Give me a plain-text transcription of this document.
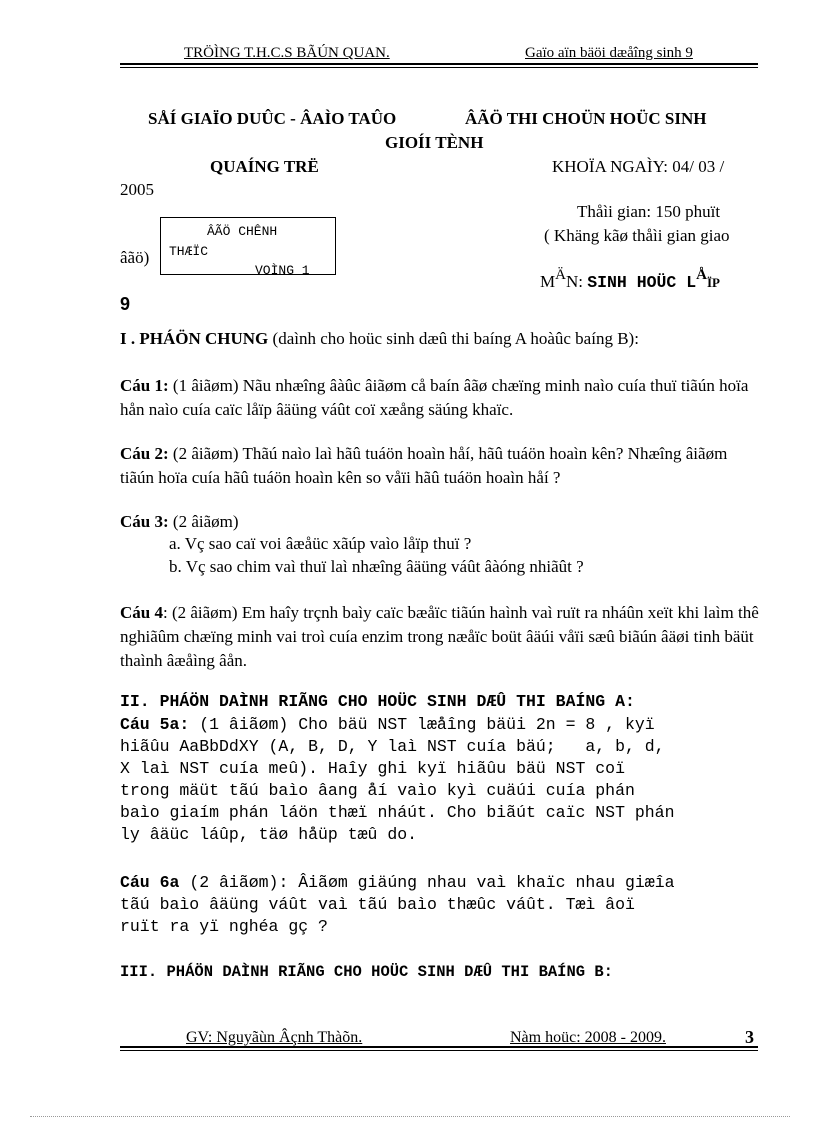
TRÖÌNG T.H.C.S BÃÚN QUAN.	Gaïo aïn bäöi dæåîng sinh 9
SÅÍ GIAÏO DUÛC - ÂAÌO TAÛO	ÂÃÖ THI CHOÜN HOÜC SINH
GIOÍI TÈNH
QUAÍNG TRË	KHOÏA NGAÌY: 04/ 03 /
2005
Thåìi gian: 150 phuït
( Khäng kãø thåìi gian giao
âãö)
ÂÃÖ CHÊNH
THÆÏC
VOÌNG 1
MÄN: SINH HOÜC LÅÏP
9
I . PHÁÖN CHUNG (daình cho hoüc sinh dæû thi baíng A hoàûc baíng B):
Cáu 1: (1 âiãøm) Nãu nhæîng âàûc âiãøm cå baín âãø chæïng minh naìo cuía thuï tiãún hoïa hån naìo cuía caïc låïp âäüng váût coï xæång säúng khaïc.
Cáu 2: (2 âiãøm) Thãú naìo laì hãû tuáön hoaìn håí, hãû tuáön hoaìn kên? Nhæîng âiãøm tiãún hoïa cuía hãû tuáön hoaìn kên so våïi hãû tuáön hoaìn håí ?
Cáu 3: (2 âiãøm)
a. Vç sao caï voi âæåüc xãúp vaìo låïp thuï ?
b. Vç sao chim vaì thuï laì nhæîng âäüng váût âàóng nhiãût ?
Cáu 4: (2 âiãøm) Em haîy trçnh baìy caïc bæåïc tiãún haình vaì ruït ra nháûn xeït khi laìm thê nghiãûm chæïng minh vai troì cuía enzim trong næåïc boüt âäúi våïi sæû biãún âäøi tinh bäüt thaình âæåìng âån.
II. PHÁÖN DAÌNH RIÃNG CHO HOÜC SINH DÆÛ THI BAÍNG A:
Cáu 5a: (1 âiãøm) Cho bäü NST læåîng bäüi 2n = 8 , kyï
hiãûu AaBbDdXY (A, B, D, Y laì NST cuía bäú;   a, b, d,
X laì NST cuía meû). Haîy ghi kyï hiãûu bäü NST coï
trong mäüt tãú baìo âang åí vaìo kyì cuäúi cuía phán
baìo giaím phán láön thæï nháút. Cho biãút caïc NST phán
ly âäüc láûp, täø håüp tæû do.
Cáu 6a (2 âiãøm): Âiãøm giäúng nhau vaì khaïc nhau giæîa
tãú baìo âäüng váût vaì tãú baìo thæûc váût. Tæì âoï
ruït ra yï nghéa gç ?
III. PHÁÖN DAÌNH RIÃNG CHO HOÜC SINH DÆÛ THI BAÍNG B:
GV: Nguyãùn Âçnh Thàõn.	Nàm hoüc: 2008 - 2009.	3
